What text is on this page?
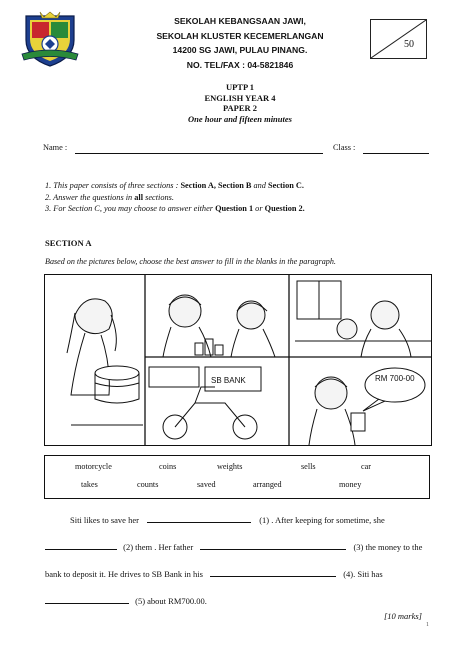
SEKOLAH KEBANGSAAN JAWI,
SEKOLAH KLUSTER KECEMERLANGAN
14200 SG JAWI, PULAU PINANG.
NO. TEL/FAX : 04-5821846
50
UPTP 1
ENGLISH YEAR 4
PAPER 2
One hour and fifteen minutes
Name :	Class :
1. This paper consists of three sections : Section A, Section B and Section C.
2. Answer the questions in all sections.
3. For Section C, you may choose to answer either Question 1 or Question 2.
SECTION A
Based on the pictures below, choose the best answer to fill in the blanks in the paragraph.
SB BANK	RM 700-00
motorcycle	coins	weights	sells	car
takes	counts	saved	arranged	money
Siti likes to save her	(1) . After keeping for sometime, she
(2) them . Her father	(3) the money to the
bank to deposit it. He drives to SB Bank in his	(4). Siti has
(5) about RM700.00.
[10 marks]
1
